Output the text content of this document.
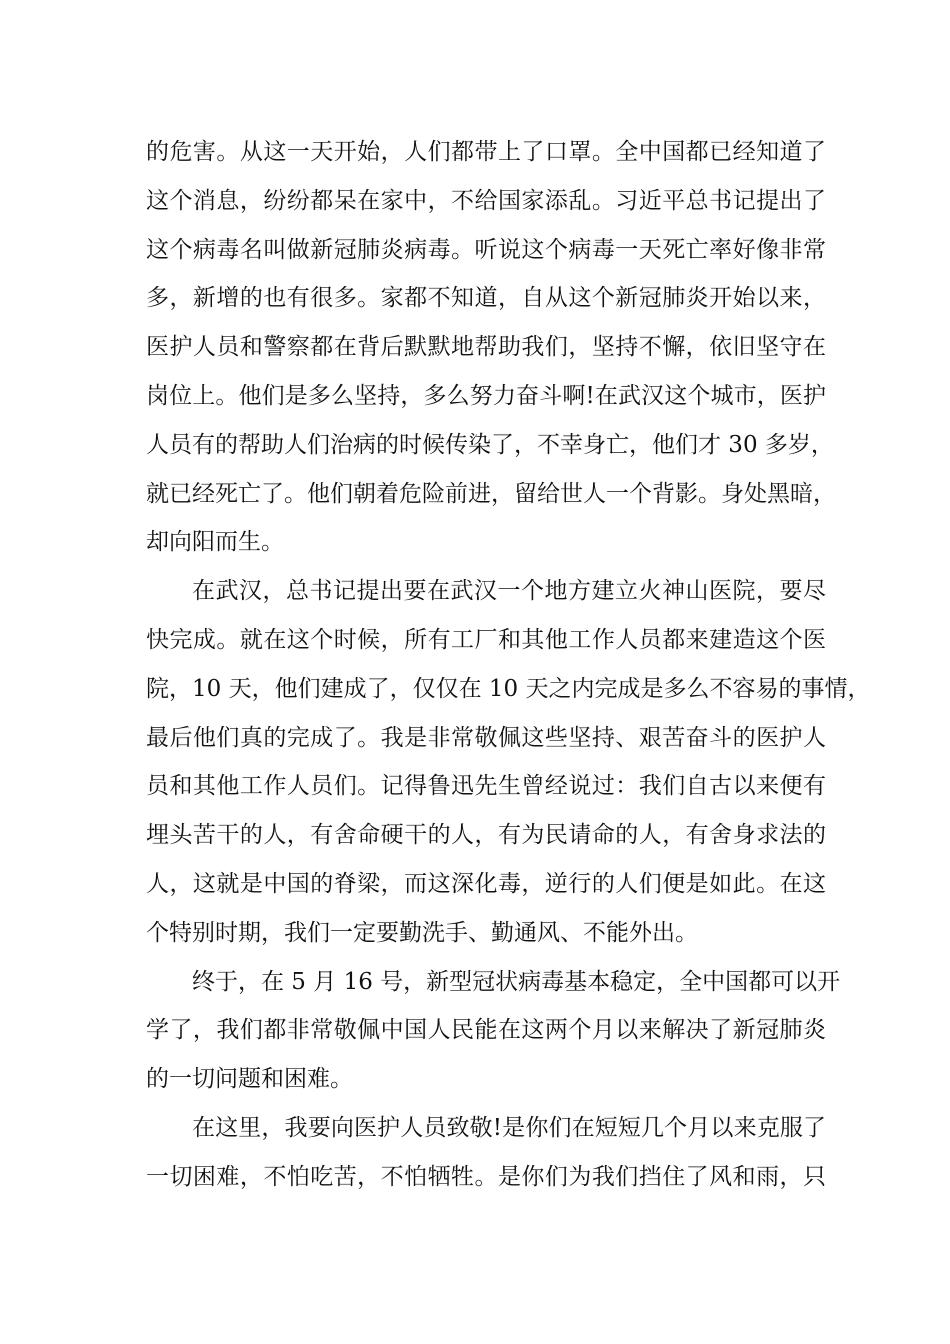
的危害。从这一天开始，人们都带上了口罩。全中国都已经知道了
这个消息，纷纷都呆在家中，不给国家添乱。习近平总书记提出了
这个病毒名叫做新冠肺炎病毒。听说这个病毒一天死亡率好像非常
多，新增的也有很多。家都不知道，自从这个新冠肺炎开始以来，
医护人员和警察都在背后默默地帮助我们，坚持不懈，依旧坚守在
岗位上。他们是多么坚持，多么努力奋斗啊!在武汉这个城市，医护
人员有的帮助人们治病的时候传染了，不幸身亡，他们才 30 多岁，
就已经死亡了。他们朝着危险前进，留给世人一个背影。身处黑暗，
却向阳而生。
在武汉，总书记提出要在武汉一个地方建立火神山医院，要尽
快完成。就在这个时候，所有工厂和其他工作人员都来建造这个医
院，10 天，他们建成了，仅仅在 10 天之内完成是多么不容易的事情，
最后他们真的完成了。我是非常敬佩这些坚持、艰苦奋斗的医护人
员和其他工作人员们。记得鲁迅先生曾经说过：我们自古以来便有
埋头苦干的人，有舍命硬干的人，有为民请命的人，有舍身求法的
人，这就是中国的脊梁，而这深化毒，逆行的人们便是如此。在这
个特别时期，我们一定要勤洗手、勤通风、不能外出。
终于，在 5 月 16 号，新型冠状病毒基本稳定，全中国都可以开
学了，我们都非常敬佩中国人民能在这两个月以来解决了新冠肺炎
的一切问题和困难。
在这里，我要向医护人员致敬!是你们在短短几个月以来克服了
一切困难，不怕吃苦，不怕牺牲。是你们为我们挡住了风和雨，只
